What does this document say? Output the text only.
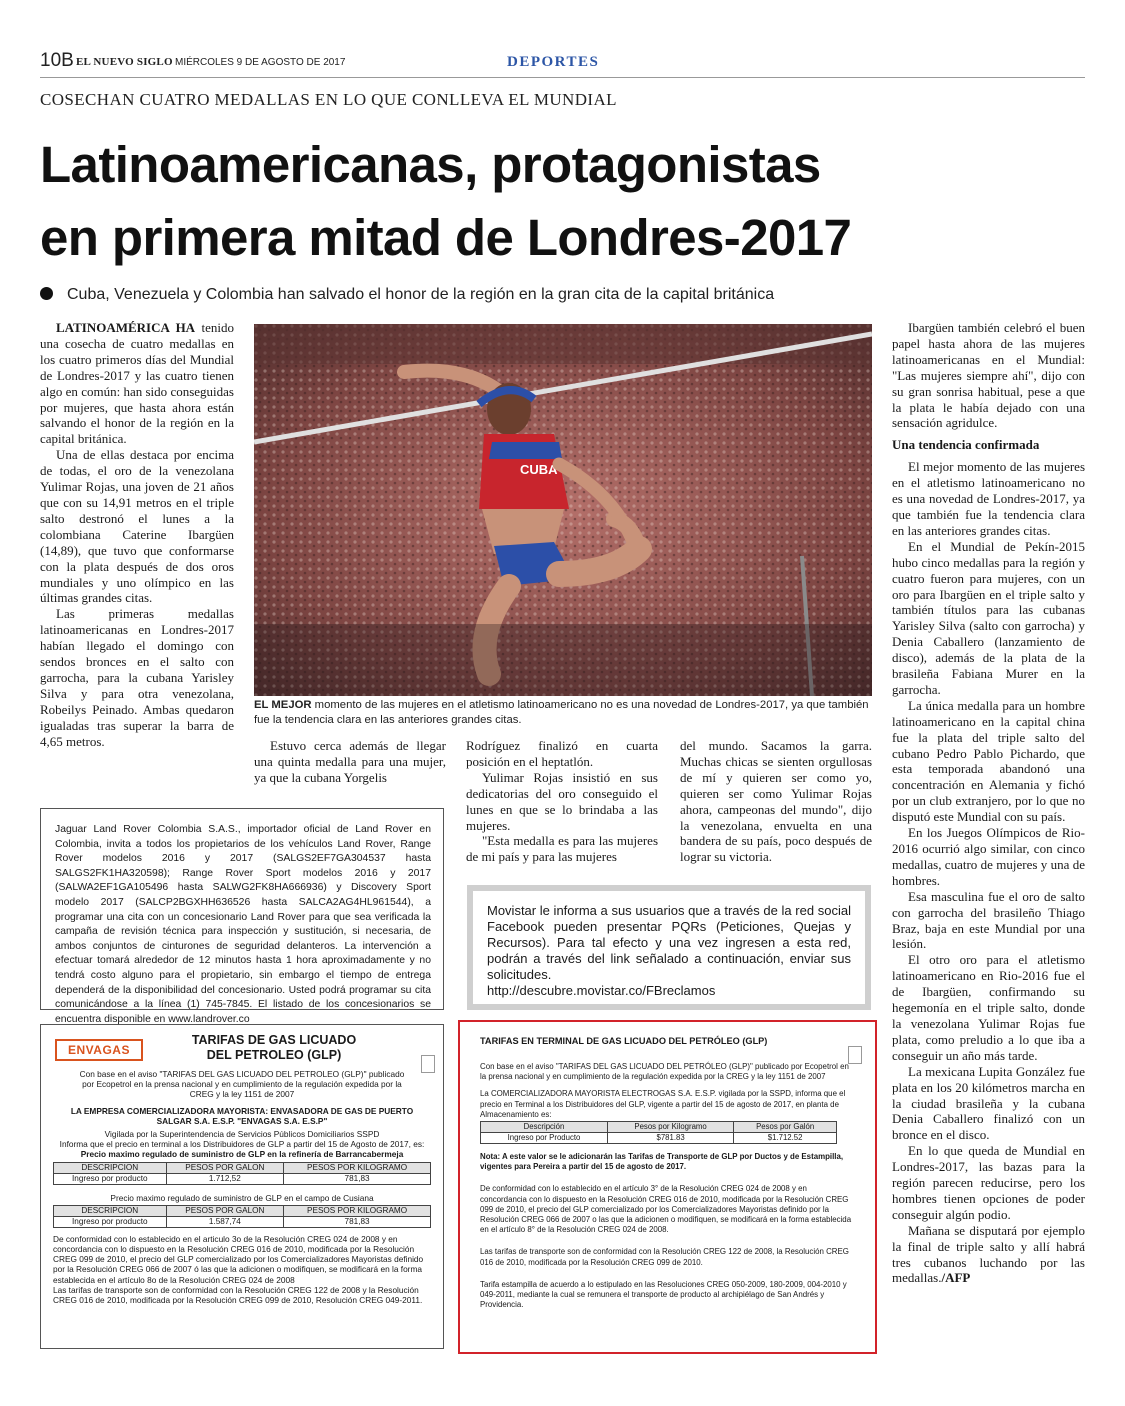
10B EL NUEVO SIGLO MIÉRCOLES 9 DE AGOSTO DE 2017	DEPORTES
COSECHAN CUATRO MEDALLAS EN LO QUE CONLLEVA EL MUNDIAL
Latinoamericanas, protagonistas
en primera mitad de Londres-2017
Cuba, Venezuela y Colombia han salvado el honor de la región en la gran cita de la capital británica

LATINOAMÉRICA HA tenido una cosecha de cuatro medallas en los cuatro primeros días del Mundial de Londres-2017 y las cuatro tienen algo en común: han sido conseguidas por mujeres, que hasta ahora están salvando el honor de la región en la capital británica.

Una de ellas destaca por encima de todas, el oro de la venezolana Yulimar Rojas, una joven de 21 años que con su 14,91 metros en el triple salto destronó el lunes a la colombiana Caterine Ibargüen (14,89), que tuvo que conformarse con la plata después de dos oros mundiales y uno olímpico en las últimas grandes citas.

Las primeras medallas latinoamericanas en Londres-2017 habían llegado el domingo con sendos bronces en el salto con garrocha, para la cubana Yarisley Silva y para otra venezolana, Robeilys Peinado. Ambas quedaron igualadas tras superar la barra de 4,65 metros.

CUBA
EL MEJOR momento de las mujeres en el atletismo latinoamericano no es una novedad de Londres-2017, ya que también fue la tendencia clara en las anteriores grandes citas.

Estuvo cerca además de llegar una quinta medalla para una mujer, ya que la cubana Yorgelis

Rodríguez finalizó en cuarta posición en el heptatlón.

Yulimar Rojas insistió en sus dedicatorias del oro conseguido el lunes en que se lo brindaba a las mujeres.

"Esta medalla es para las mujeres de mi país y para las mujeres

del mundo. Sacamos la garra. Muchas chicas se sienten orgullosas de mí y quieren ser como yo, quieren ser como Yulimar Rojas ahora, campeonas del mundo", dijo la venezolana, envuelta en una bandera de su país, poco después de lograr su victoria.

Ibargüen también celebró el buen papel hasta ahora de las mujeres latinoamericanas en el Mundial: "Las mujeres siempre ahí", dijo con su gran sonrisa habitual, pese a que la plata le había dejado con una sensación agridulce.

Una tendencia confirmada

El mejor momento de las mujeres en el atletismo latinoamericano no es una novedad de Londres-2017, ya que también fue la tendencia clara en las anteriores grandes citas.

En el Mundial de Pekín-2015 hubo cinco medallas para la región y cuatro fueron para mujeres, con un oro para Ibargüen en el triple salto y también títulos para las cubanas Yarisley Silva (salto con garrocha) y Denia Caballero (lanzamiento de disco), además de la plata de la brasileña Fabiana Murer en la garrocha.

La única medalla para un hombre latinoamericano en la capital china fue la plata del triple salto del cubano Pedro Pablo Pichardo, que esta temporada abandonó una concentración en Alemania y fichó por un club extranjero, por lo que no disputó este Mundial con su país.

En los Juegos Olímpicos de Rio-2016 ocurrió algo similar, con cinco medallas, cuatro de mujeres y una de hombres.

Esa masculina fue el oro de salto con garrocha del brasileño Thiago Braz, baja en este Mundial por una lesión.

El otro oro para el atletismo latinoamericano en Rio-2016 fue el de Ibargüen, confirmando su hegemonía en el triple salto, donde la venezolana Yulimar Rojas fue plata, como preludio a lo que iba a conseguir un año más tarde.

La mexicana Lupita González fue plata en los 20 kilómetros marcha en la ciudad brasileña y la cubana Denia Caballero finalizó con un bronce en el disco.

En lo que queda de Mundial en Londres-2017, las bazas para la región parecen reducirse, pero los hombres tienen opciones de poder conseguir algún podio.

Mañana se disputará por ejemplo la final de triple salto y allí habrá tres cubanos luchando por las medallas./AFP

Jaguar Land Rover Colombia S.A.S., importador oficial de Land Rover en Colombia, invita a todos los propietarios de los vehículos Land Rover, Range Rover modelos 2016 y 2017 (SALGS2EF7GA304537 hasta SALGS2FK1HA320598); Range Rover Sport modelos 2016 y 2017 (SALWA2EF1GA105496 hasta SALWG2FK8HA666936) y Discovery Sport modelo 2017 (SALCP2BGXHH636526 hasta SALCA2AG4HL961544), a programar una cita con un concesionario Land Rover para que sea verificada la campaña de revisión técnica para inspección y sustitución, si necesaria, de ambos conjuntos de cinturones de seguridad delanteros. La intervención a efectuar tomará alrededor de 12 minutos hasta 1 hora aproximadamente y no tendrá costo alguno para el propietario, sin embargo el tiempo de entrega dependerá de la disponibilidad del concesionario. Usted podrá programar su cita comunicándose a la línea (1) 745-7845. El listado de los concesionarios se encuentra disponible en www.landrover.co
Movistar le informa a sus usuarios que a través de la red social Facebook pueden presentar PQRs (Peticiones, Quejas y Recursos). Para tal efecto y una vez ingresen a esta red, podrán a través del link señalado a continuación, enviar sus solicitudes.
http://descubre.movistar.co/FBreclamos
ENVAGAS
TARIFAS DE GAS LICUADO
DEL PETROLEO (GLP)
Con base en el aviso "TARIFAS DEL GAS LICUADO DEL PETROLEO (GLP)" publicado por Ecopetrol en la prensa nacional y en cumplimiento de la regulación expedida por la CREG y la ley 1151 de 2007
LA EMPRESA COMERCIALIZADORA MAYORISTA: ENVASADORA DE GAS DE PUERTO SALGAR S.A. E.S.P. "ENVAGAS S.A. E.S.P"
Vigilada por la Superintendencia de Servicios Públicos Domiciliarios SSPD
Informa que el precio en terminal a los Distribuidores de GLP a partir del 15 de Agosto de 2017, es:
Precio maximo regulado de suministro de GLP en la refinería de Barrancabermeja
DESCRIPCION	PESOS POR GALON	PESOS POR KILOGRAMO
Ingreso por producto	1.712,52	781,83
Precio maximo regulado de suministro de GLP en el campo de Cusiana
DESCRIPCION	PESOS POR GALON	PESOS POR KILOGRAMO
Ingreso por producto	1.587,74	781,83
De conformidad con lo establecido en el articulo 3o de la Resolución CREG 024 de 2008 y en concordancia con lo dispuesto en la Resolución CREG 016 de 2010, modificada por la Resolución CREG 099 de 2010, el precio del GLP comercializado por los Comercializadores Mayoristas definido por la Resolución CREG 066 de 2007 ó las que la adicionen o modifiquen, se modificará en la forma establecida en el artículo 8o de la Resolución CREG 024 de 2008
Las tarifas de transporte son de conformidad con la Resolución CREG 122 de 2008 y la Resolución CREG 016 de 2010, modificada por la Resolución CREG 099 de 2010, Resolución CREG 049-2011.
TARIFAS EN TERMINAL DE GAS LICUADO DEL PETRÓLEO (GLP)

Con base en el aviso "TARIFAS DEL GAS LICUADO DEL PETRÓLEO (GLP)" publicado por Ecopetrol en la prensa nacional y en cumplimiento de la regulación expedida por la CREG y la ley 1151 de 2007

La COMERCIALIZADORA MAYORISTA ELECTROGAS S.A. E.S.P. vigilada por la SSPD, informa que el precio en Terminal a los Distribuidores del GLP, vigente a partir del 15 de agosto de 2017, en planta de Almacenamiento es:
Descripción	Pesos por Kilogramo	Pesos por Galón
Ingreso por Producto	$781.83	$1.712.52

Nota: A este valor se le adicionarán las Tarifas de Transporte de GLP por Ductos y de Estampilla, vigentes para Pereira a partir del 15 de agosto de 2017.

De conformidad con lo establecido en el artículo 3° de la Resolución CREG 024 de 2008 y en concordancia con lo dispuesto en la Resolución CREG 016 de 2010, modificada por la Resolución CREG 099 de 2010, el precio del GLP comercializado por los Comercializadores Mayoristas definido por la Resolución CREG 066 de 2007 o las que la adicionen o modifiquen, se modificará en la forma establecida en el artículo 8° de la Resolución CREG 024 de 2008.

Las tarifas de transporte son de conformidad con la Resolución CREG 122 de 2008, la Resolución CREG 016 de 2010, modificada por la Resolución CREG 099 de 2010.

Tarifa estampilla de acuerdo a lo estipulado en las Resoluciones CREG 050-2009, 180-2009, 004-2010 y 049-2011, mediante la cual se remunera el transporte de producto al archipiélago de San Andrés y Providencia.
